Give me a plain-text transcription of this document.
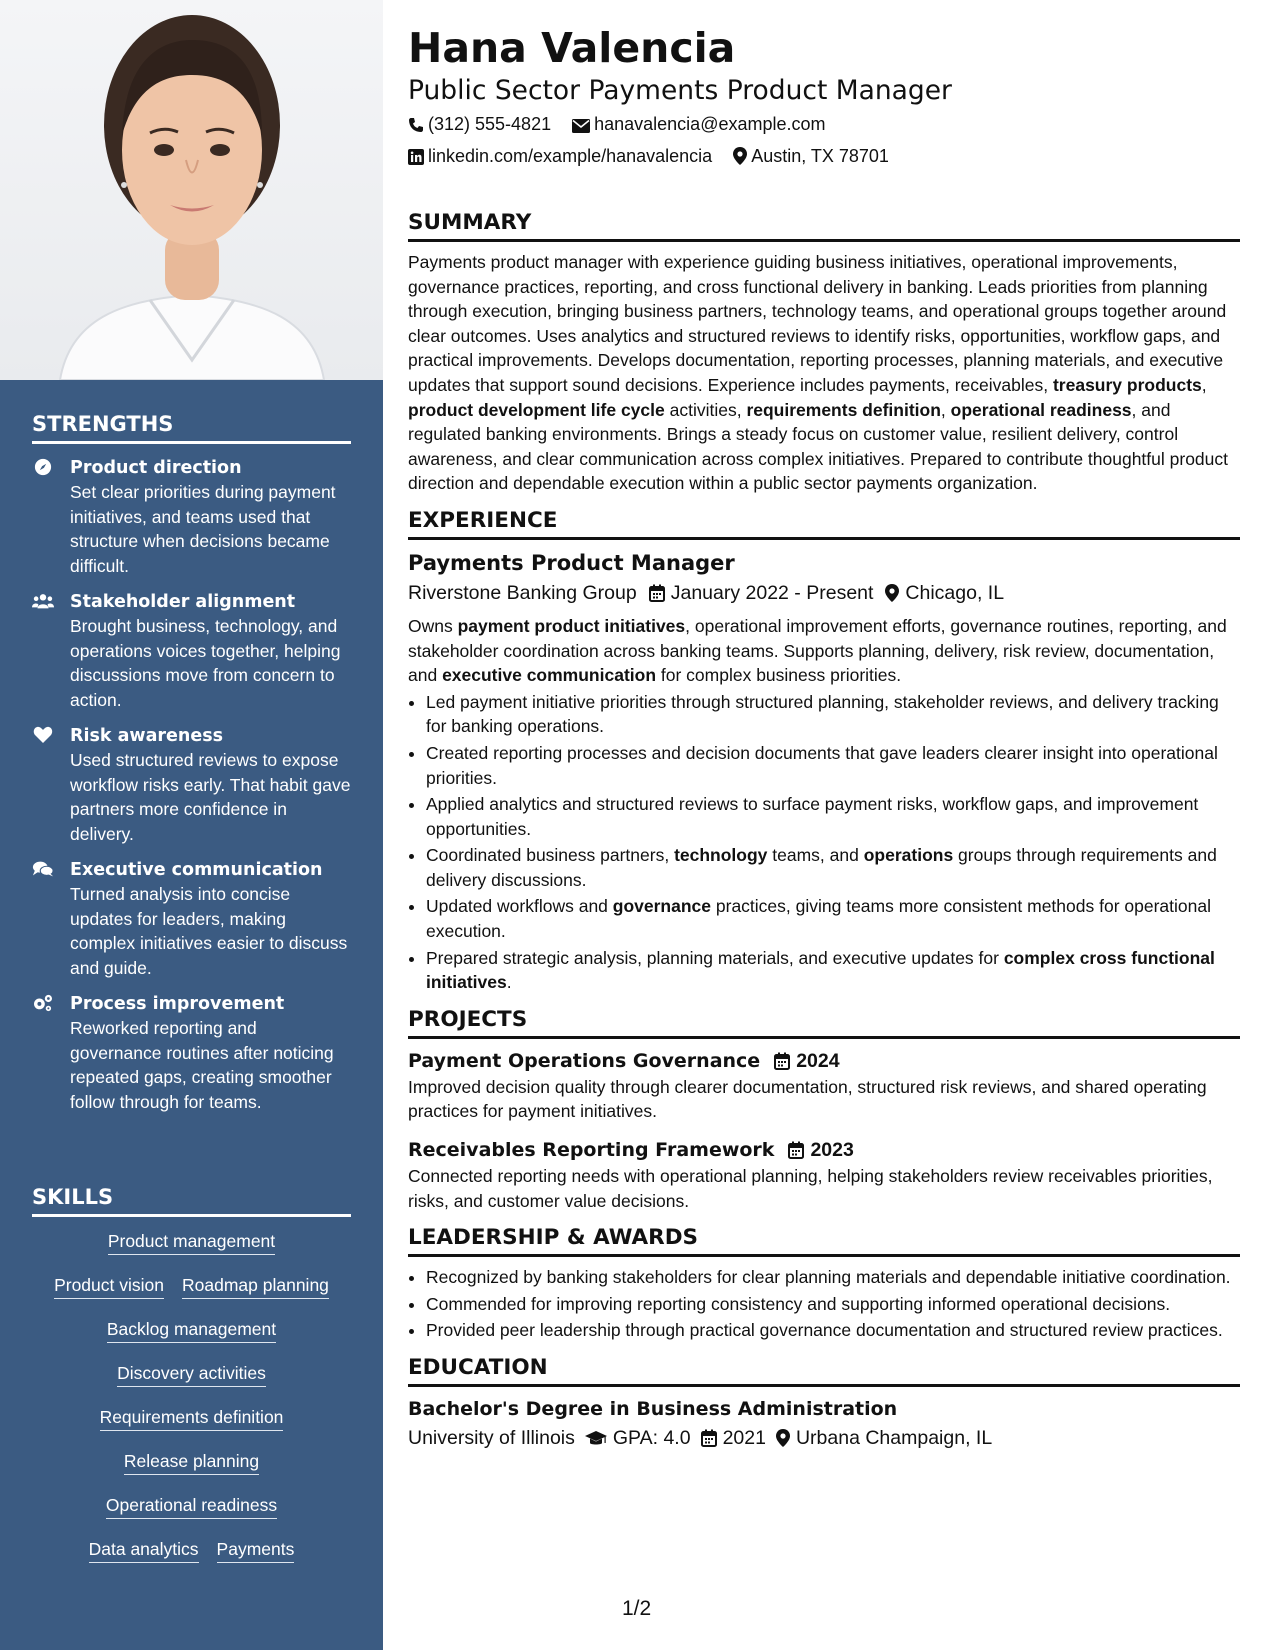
STRENGTHS
Product direction
Set clear priorities during payment initiatives, and teams used that structure when decisions became difficult.
Stakeholder alignment
Brought business, technology, and operations voices together, helping discussions move from concern to action.
Risk awareness
Used structured reviews to expose workflow risks early. That habit gave partners more confidence in delivery.
Executive communication
Turned analysis into concise updates for leaders, making complex initiatives easier to discuss and guide.
Process improvement
Reworked reporting and governance routines after noticing repeated gaps, creating smoother follow through for teams.
SKILLS
Product management
Product vision Roadmap planning
Backlog management
Discovery activities
Requirements definition
Release planning
Operational readiness
Data analytics Payments
Hana Valencia
Public Sector Payments Product Manager
(312) 555-4821 hanavalencia@example.com
linkedin.com/example/hanavalencia Austin, TX 78701
SUMMARY
Payments product manager with experience guiding business initiatives, operational improvements, governance practices, reporting, and cross functional delivery in banking. Leads priorities from planning through execution, bringing business partners, technology teams, and operational groups together around clear outcomes. Uses analytics and structured reviews to identify risks, opportunities, workflow gaps, and practical improvements. Develops documentation, reporting processes, planning materials, and executive updates that support sound decisions. Experience includes payments, receivables, treasury products, product development life cycle activities, requirements definition, operational readiness, and regulated banking environments. Brings a steady focus on customer value, resilient delivery, control awareness, and clear communication across complex initiatives. Prepared to contribute thoughtful product direction and dependable execution within a public sector payments organization.
EXPERIENCE
Payments Product Manager
Riverstone Banking Group January 2022 - Present Chicago, IL
Owns payment product initiatives, operational improvement efforts, governance routines, reporting, and stakeholder coordination across banking teams. Supports planning, delivery, risk review, documentation, and executive communication for complex business priorities.
• Led payment initiative priorities through structured planning, stakeholder reviews, and delivery tracking for banking operations.
• Created reporting processes and decision documents that gave leaders clearer insight into operational priorities.
• Applied analytics and structured reviews to surface payment risks, workflow gaps, and improvement opportunities.
• Coordinated business partners, technology teams, and operations groups through requirements and delivery discussions.
• Updated workflows and governance practices, giving teams more consistent methods for operational execution.
• Prepared strategic analysis, planning materials, and executive updates for complex cross functional initiatives.
PROJECTS
Payment Operations Governance 2024
Improved decision quality through clearer documentation, structured risk reviews, and shared operating practices for payment initiatives.
Receivables Reporting Framework 2023
Connected reporting needs with operational planning, helping stakeholders review receivables priorities, risks, and customer value decisions.
LEADERSHIP & AWARDS
• Recognized by banking stakeholders for clear planning materials and dependable initiative coordination.
• Commended for improving reporting consistency and supporting informed operational decisions.
• Provided peer leadership through practical governance documentation and structured review practices.
EDUCATION
Bachelor's Degree in Business Administration
University of Illinois GPA: 4.0 2021 Urbana Champaign, IL
1/2
